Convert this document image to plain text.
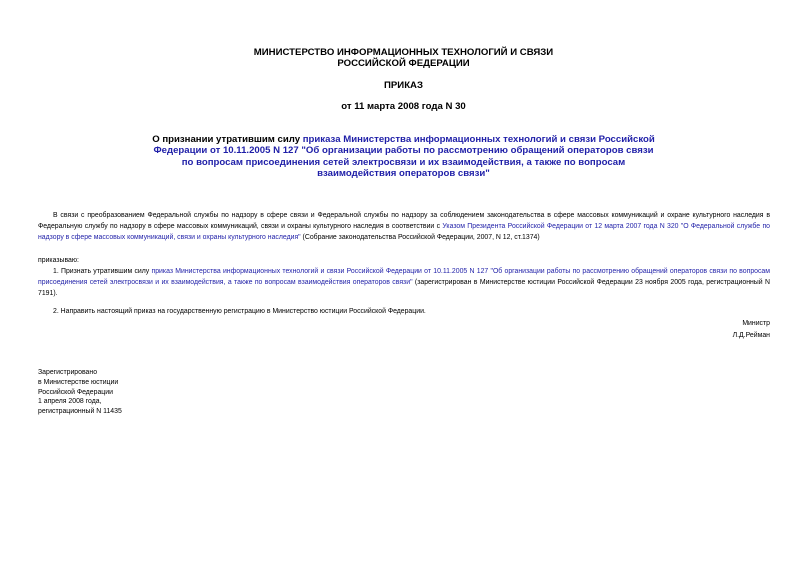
МИНИСТЕРСТВО ИНФОРМАЦИОННЫХ ТЕХНОЛОГИЙ И СВЯЗИ
РОССИЙСКОЙ ФЕДЕРАЦИИ
ПРИКАЗ
от 11 марта 2008 года N 30
О признании утратившим силу приказа Министерства информационных технологий и связи Российской Федерации от 10.11.2005 N 127 "Об организации работы по рассмотрению обращений операторов связи по вопросам присоединения сетей электросвязи и их взаимодействия, а также по вопросам взаимодействия операторов связи"
В связи с преобразованием Федеральной службы по надзору в сфере связи и Федеральной службы по надзору за соблюдением законодательства в сфере массовых коммуникаций и охране культурного наследия в Федеральную службу по надзору в сфере массовых коммуникаций, связи и охраны культурного наследия в соответствии с Указом Президента Российской Федерации от 12 марта 2007 года N 320 "О Федеральной службе по надзору в сфере массовых коммуникаций, связи и охраны культурного наследия" (Собрание законодательства Российской Федерации, 2007, N 12, ст.1374)
приказываю:
1. Признать утратившим силу приказ Министерства информационных технологий и связи Российской Федерации от 10.11.2005 N 127 "Об организации работы по рассмотрению обращений операторов связи по вопросам присоединения сетей электросвязи и их взаимодействия, а также по вопросам взаимодействия операторов связи" (зарегистрирован в Министерстве юстиции Российской Федерации 23 ноября 2005 года, регистрационный N 7191).
2. Направить настоящий приказ на государственную регистрацию в Министерство юстиции Российской Федерации.
Министр
Л.Д.Рейман
Зарегистрировано
в Министерстве юстиции
Российской Федерации
1 апреля 2008 года,
регистрационный N 11435
